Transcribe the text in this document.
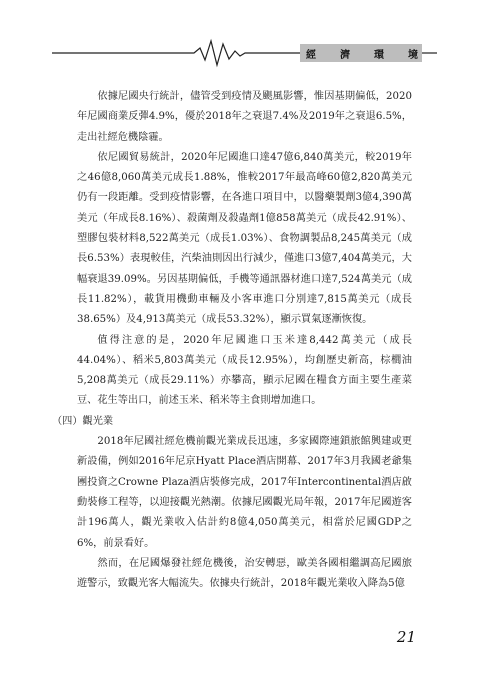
經 濟 環 境

依據尼國央行統計，儘管受到疫情及颶風影響，惟因基期偏低，2020年尼國商業反彈4.9%，優於2018年之衰退7.4%及2019年之衰退6.5%，走出社經危機陰霾。

依尼國貿易統計，2020年尼國進口達47億6,840萬美元，較2019年之46億8,060萬美元成長1.88%，惟較2017年最高峰60億2,820萬美元仍有一段距離。受到疫情影響，在各進口項目中，以醫藥製劑3億4,390萬美元（年成長8.16%）、殺菌劑及殺蟲劑1億858萬美元（成長42.91%）、塑膠包裝材料8,522萬美元（成長1.03%）、食物調製品8,245萬美元（成長6.53%）表現較佳，汽柴油則因出行減少，僅進口3億7,404萬美元，大幅衰退39.09%。另因基期偏低，手機等通訊器材進口達7,524萬美元（成長11.82%），載貨用機動車輛及小客車進口分別達7,815萬美元（成長38.65%）及4,913萬美元（成長53.32%），顯示買氣逐漸恢復。

值得注意的是，2020年尼國進口玉米達8,442萬美元（成長44.04%）、稻米5,803萬美元（成長12.95%），均創歷史新高，棕櫚油5,208萬美元（成長29.11%）亦攀高，顯示尼國在糧食方面主要生產菜豆、花生等出口，前述玉米、稻米等主食則增加進口。

（四）觀光業

2018年尼國社經危機前觀光業成長迅速，多家國際連鎖旅館興建或更新設備，例如2016年尼京Hyatt Place酒店開幕、2017年3月我國老爺集團投資之Crowne Plaza酒店裝修完成，2017年Intercontinental酒店啟動裝修工程等，以迎接觀光熱潮。依據尼國觀光局年報，2017年尼國遊客計196萬人，觀光業收入估計約8億4,050萬美元，相當於尼國GDP之6%，前景看好。

然而，在尼國爆發社經危機後，治安轉惡，歐美各國相繼調高尼國旅遊警示，致觀光客大幅流失。依據央行統計，2018年觀光業收入降為5億

21
